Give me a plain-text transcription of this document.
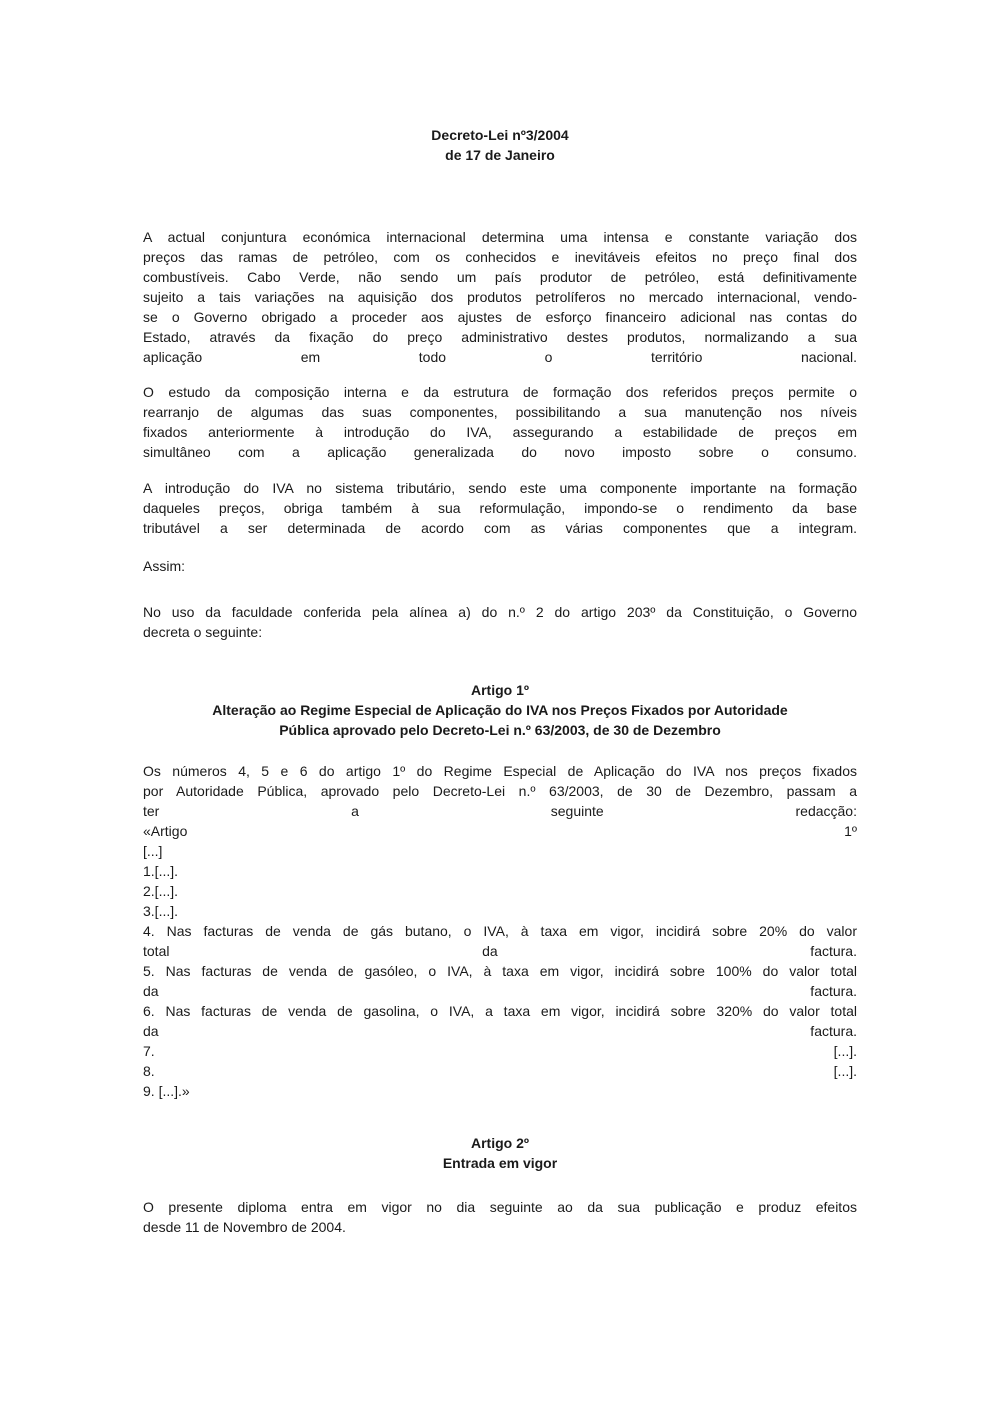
Decreto-Lei nº3/2004
de 17 de Janeiro
A actual conjuntura económica internacional determina uma intensa e constante variação dos
preços das ramas de petróleo, com os conhecidos e inevitáveis efeitos no preço final dos
combustíveis. Cabo Verde, não sendo um país produtor de petróleo, está definitivamente
sujeito a tais variações na aquisição dos produtos petrolíferos no mercado internacional, vendo-
se o Governo obrigado a proceder aos ajustes de esforço financeiro adicional nas contas do
Estado, através da fixação do preço administrativo destes produtos, normalizando a sua
aplicação em todo o território nacional.
O estudo da composição interna e da estrutura de formação dos referidos preços permite o
rearranjo de algumas das suas componentes, possibilitando a sua manutenção nos níveis
fixados anteriormente à introdução do IVA, assegurando a estabilidade de preços em
simultâneo com a aplicação generalizada do novo imposto sobre o consumo.
A introdução do IVA no sistema tributário, sendo este uma componente importante na formação
daqueles preços, obriga também à sua reformulação, impondo-se o rendimento da base
tributável a ser determinada de acordo com as várias componentes que a integram.
Assim:
No uso da faculdade conferida pela alínea a) do n.º 2 do artigo 203º da Constituição, o Governo
decreta o seguinte:
Artigo 1º
Alteração ao Regime Especial de Aplicação do IVA nos Preços Fixados por Autoridade
Pública aprovado pelo Decreto-Lei n.º 63/2003, de 30 de Dezembro
Os números 4, 5 e 6 do artigo 1º do Regime Especial de Aplicação do IVA nos preços fixados
por Autoridade Pública, aprovado pelo Decreto-Lei n.º 63/2003, de 30 de Dezembro, passam a
ter a seguinte redacção:
«Artigo 1º
[...]
1.[...].
2.[...].
3.[...].
4. Nas facturas de venda de gás butano, o IVA, à taxa em vigor, incidirá sobre 20% do valor
total da factura.
5. Nas facturas de venda de gasóleo, o IVA, à taxa em vigor, incidirá sobre 100% do valor total
da factura.
6. Nas facturas de venda de gasolina, o IVA, a taxa em vigor, incidirá sobre 320% do valor total
da factura.
7. [...].
8. [...].
9. [...].»
Artigo 2º
Entrada em vigor
O presente diploma entra em vigor no dia seguinte ao da sua publicação e produz efeitos
desde 11 de Novembro de 2004.
